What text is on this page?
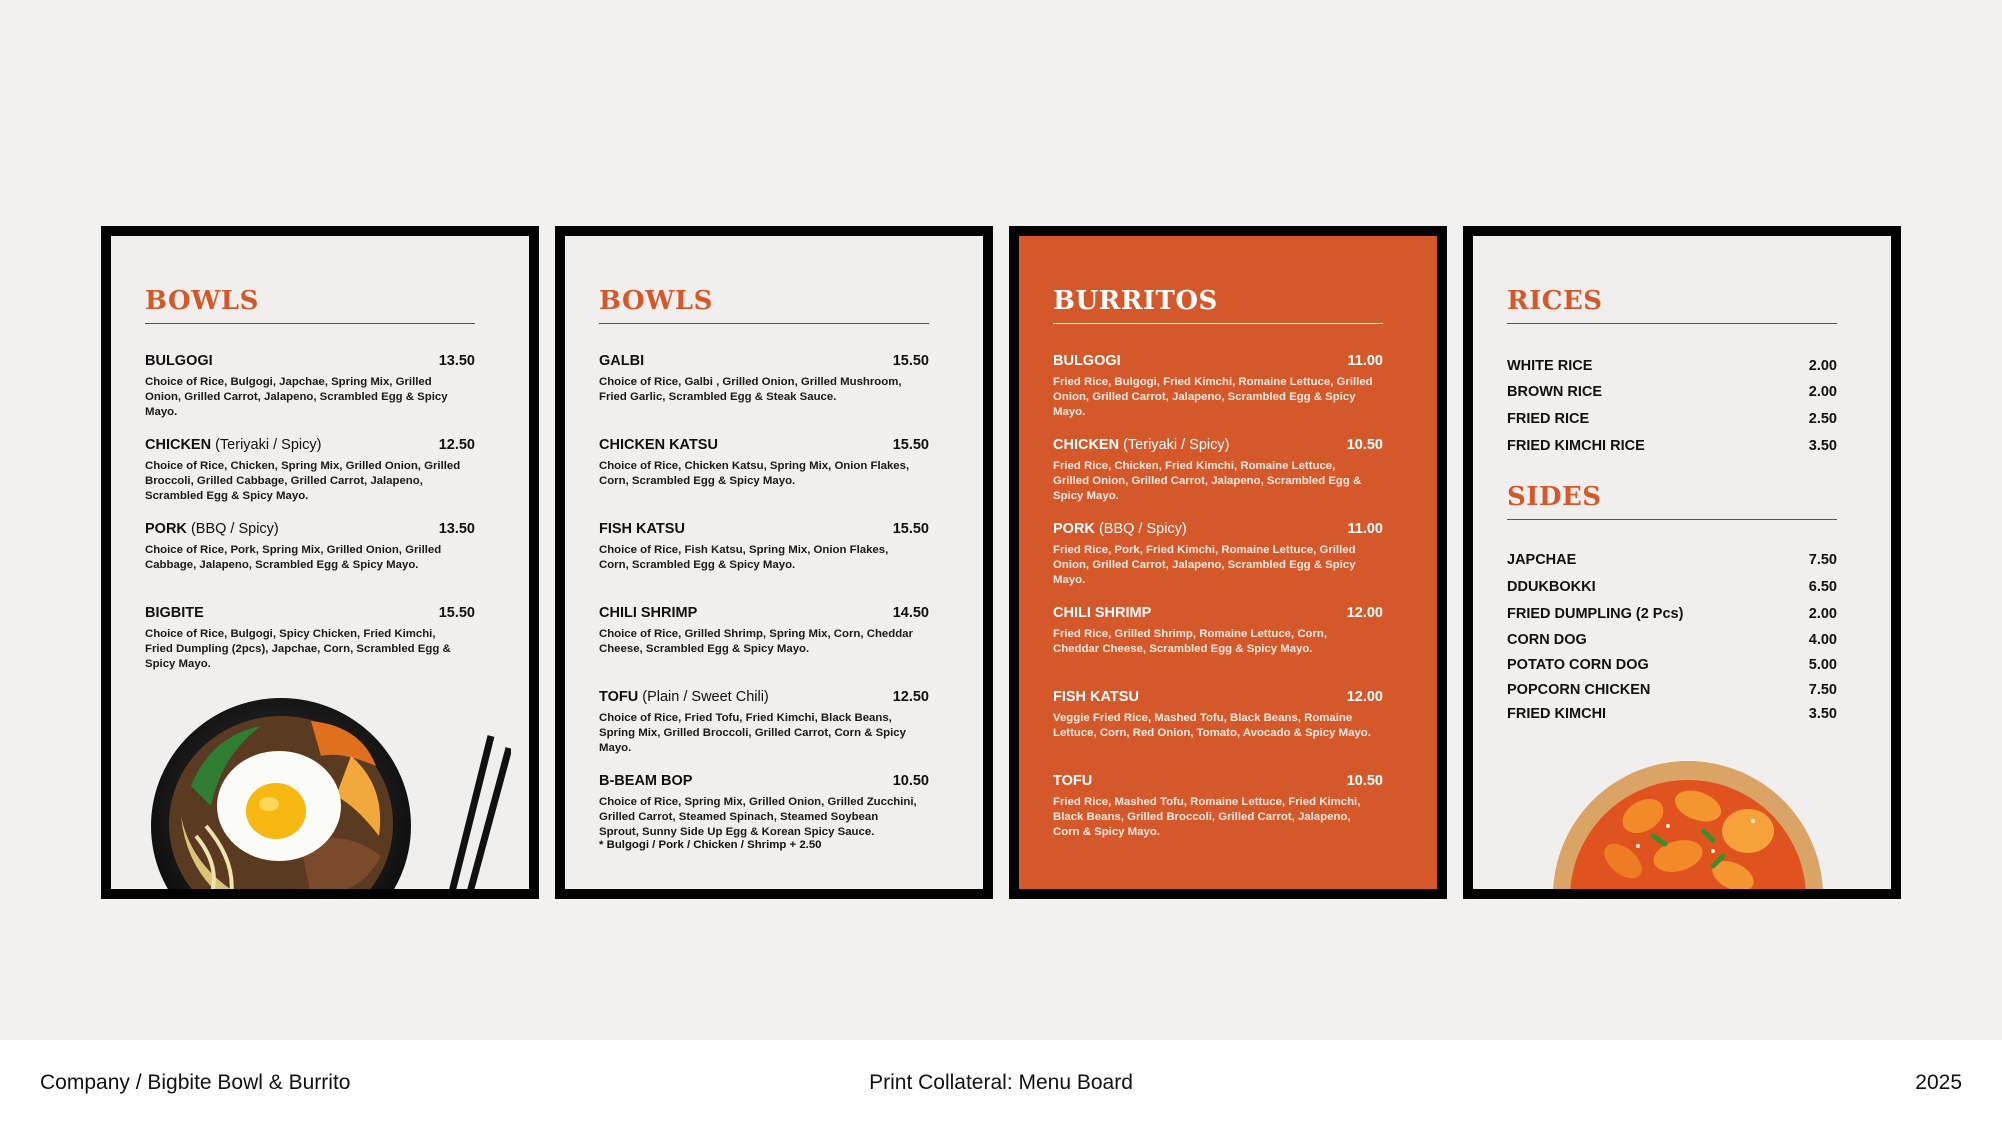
BOWLS
BULGOGI	13.50
Choice of Rice, Bulgogi, Japchae, Spring Mix, Grilled Onion, Grilled Carrot, Jalapeno, Scrambled Egg & Spicy Mayo.
CHICKEN (Teriyaki / Spicy)	12.50
Choice of Rice, Chicken, Spring Mix, Grilled Onion, Grilled Broccoli, Grilled Cabbage, Grilled Carrot, Jalapeno, Scrambled Egg & Spicy Mayo.
PORK (BBQ / Spicy)	13.50
Choice of Rice, Pork, Spring Mix, Grilled Onion, Grilled Cabbage, Jalapeno, Scrambled Egg & Spicy Mayo.
BIGBITE	15.50
Choice of Rice, Bulgogi, Spicy Chicken, Fried Kimchi, Fried Dumpling (2pcs), Japchae, Corn, Scrambled Egg & Spicy Mayo.
BOWLS
GALBI	15.50
Choice of Rice, Galbi , Grilled Onion, Grilled Mushroom, Fried Garlic, Scrambled Egg & Steak Sauce.
CHICKEN KATSU	15.50
Choice of Rice, Chicken Katsu, Spring Mix, Onion Flakes, Corn, Scrambled Egg & Spicy Mayo.
FISH KATSU	15.50
Choice of Rice, Fish Katsu, Spring Mix, Onion Flakes, Corn, Scrambled Egg & Spicy Mayo.
CHILI SHRIMP	14.50
Choice of Rice, Grilled Shrimp, Spring Mix, Corn, Cheddar Cheese, Scrambled Egg & Spicy Mayo.
TOFU (Plain / Sweet Chili)	12.50
Choice of Rice, Fried Tofu, Fried Kimchi, Black Beans, Spring Mix, Grilled Broccoli, Grilled Carrot, Corn & Spicy Mayo.
B-BEAM BOP	10.50
Choice of Rice, Spring Mix, Grilled Onion, Grilled Zucchini, Grilled Carrot, Steamed Spinach, Steamed Soybean Sprout, Sunny Side Up Egg & Korean Spicy Sauce.
* Bulgogi / Pork / Chicken / Shrimp + 2.50
BURRITOS
BULGOGI	11.00
Fried Rice, Bulgogi, Fried Kimchi, Romaine Lettuce, Grilled Onion, Grilled Carrot, Jalapeno, Scrambled Egg & Spicy Mayo.
CHICKEN (Teriyaki / Spicy)	10.50
Fried Rice, Chicken, Fried Kimchi, Romaine Lettuce, Grilled Onion, Grilled Carrot, Jalapeno, Scrambled Egg & Spicy Mayo.
PORK (BBQ / Spicy)	11.00
Fried Rice, Pork, Fried Kimchi, Romaine Lettuce, Grilled Onion, Grilled Carrot, Jalapeno, Scrambled Egg & Spicy Mayo.
CHILI SHRIMP	12.00
Fried Rice, Grilled Shrimp, Romaine Lettuce, Corn, Cheddar Cheese, Scrambled Egg & Spicy Mayo.
FISH KATSU	12.00
Veggie Fried Rice, Mashed Tofu, Black Beans, Romaine Lettuce, Corn, Red Onion, Tomato, Avocado & Spicy Mayo.
TOFU	10.50
Fried Rice, Mashed Tofu, Romaine Lettuce, Fried Kimchi, Black Beans, Grilled Broccoli, Grilled Carrot, Jalapeno, Corn & Spicy Mayo.
RICES
WHITE RICE	2.00
BROWN RICE	2.00
FRIED RICE	2.50
FRIED KIMCHI RICE	3.50
SIDES
JAPCHAE	7.50
DDUKBOKKI	6.50
FRIED DUMPLING (2 Pcs)	2.00
CORN DOG	4.00
POTATO CORN DOG	5.00
POPCORN CHICKEN	7.50
FRIED KIMCHI	3.50
Company / Bigbite Bowl & Burrito	Print Collateral: Menu Board	2025
